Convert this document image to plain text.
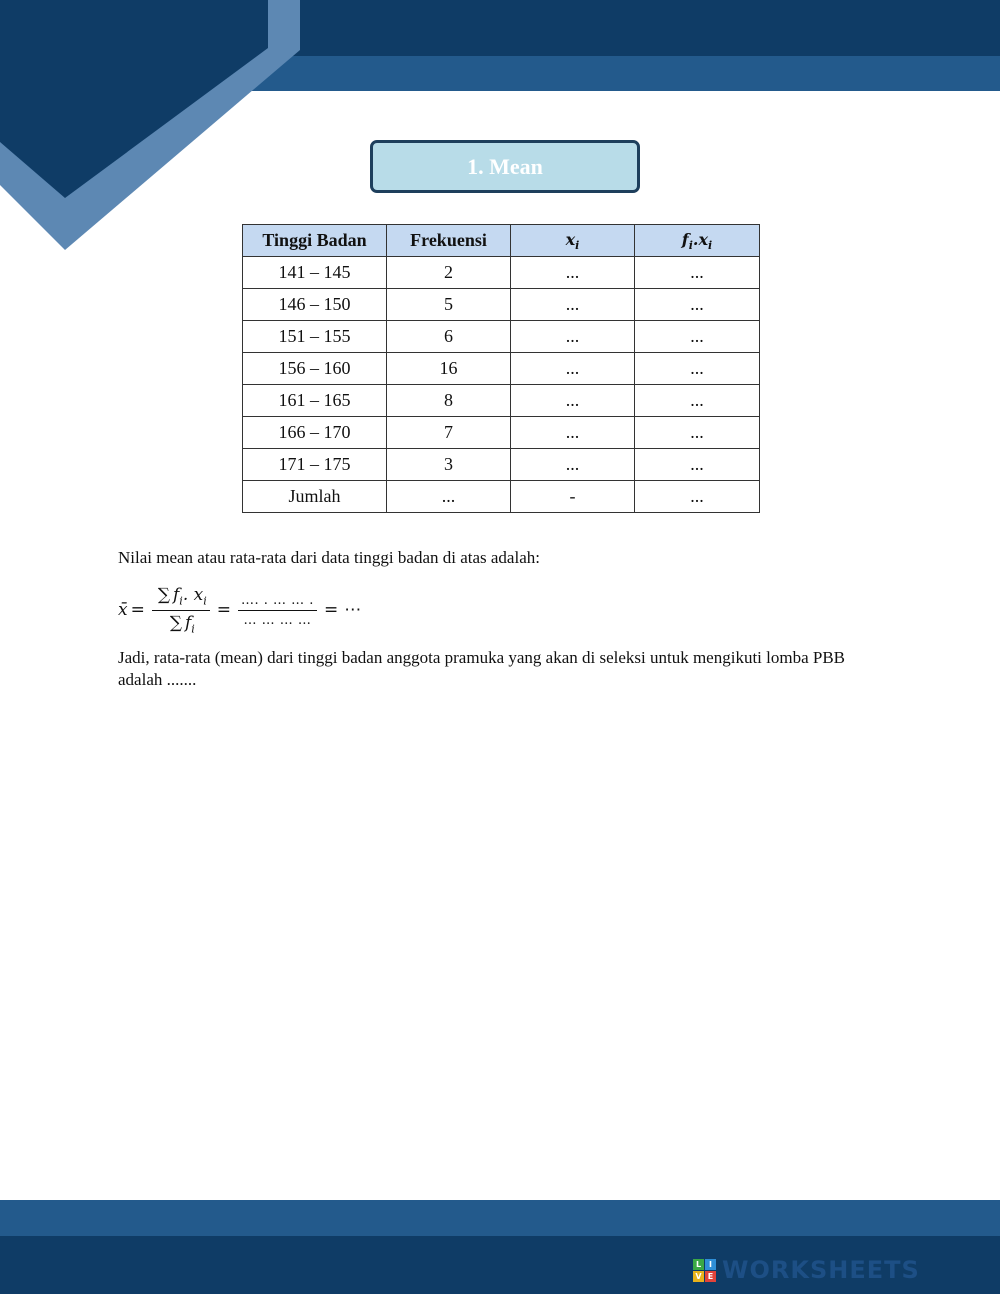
1. Mean
Tinggi Badan	Frekuensi	$x_i$	$f_i.x_i$
141 – 145	2	...	...
146 – 150	5	...	...
151 – 155	6	...	...
156 – 160	16	...	...
161 – 165	8	...	...
166 – 170	7	...	...
171 – 175	3	...	...
Jumlah	...	-	...

Nilai mean atau rata-rata dari data tinggi badan di atas adalah:

x̄ = $\frac{\sum f_i. x_i}{\sum f_i} = \frac{\dots. . \dots \dots .}{\dots \dots \dots \dots}$ = ⋯

Jadi, rata-rata (mean) dari tinggi badan anggota pramuka yang akan di seleksi untuk mengikuti lomba PBB adalah .......

L I
V E WORKSHEETS
